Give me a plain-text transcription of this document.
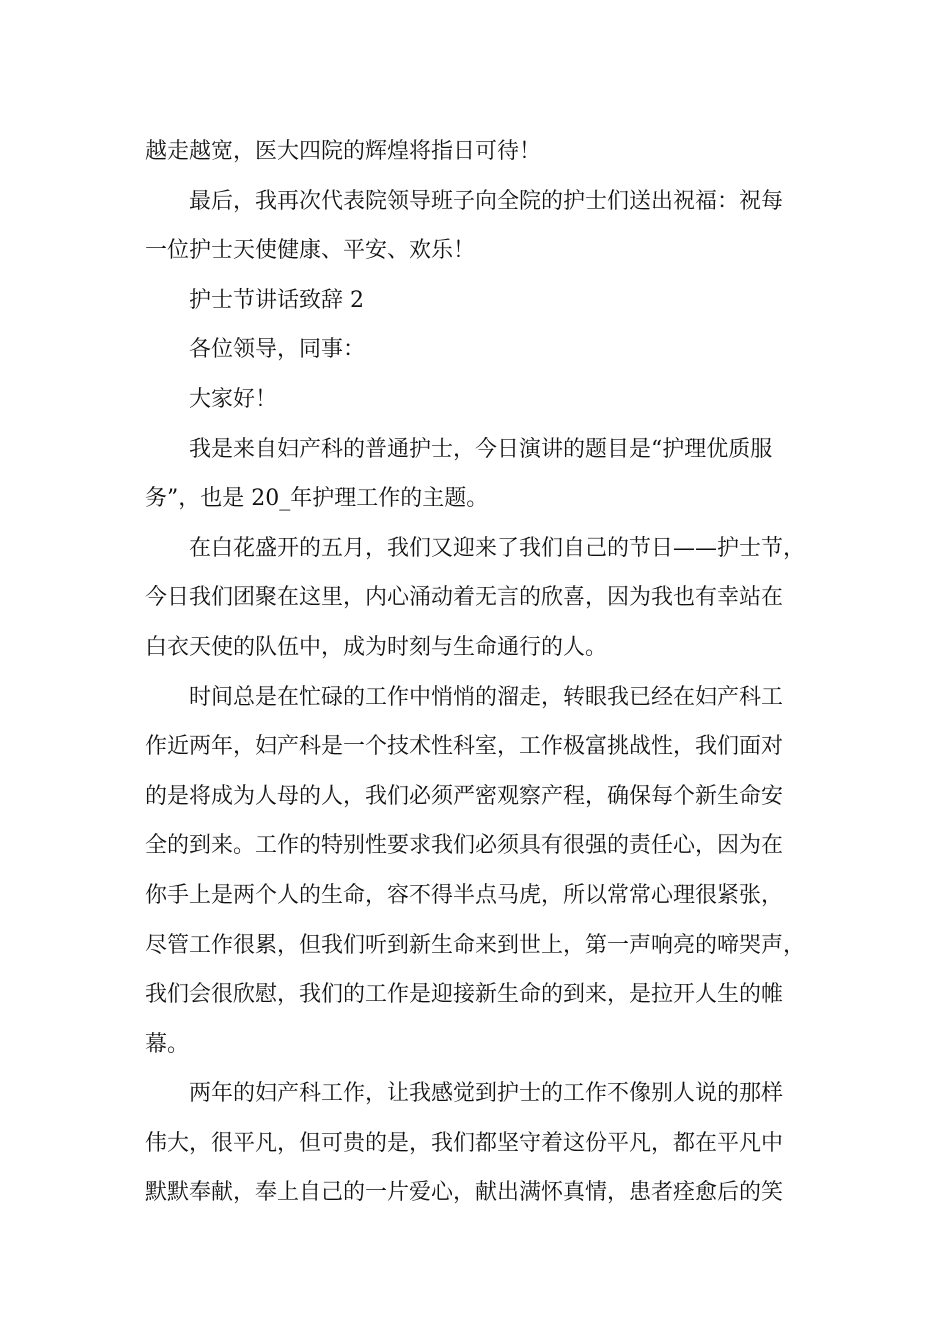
越走越宽，医大四院的辉煌将指日可待！
最后，我再次代表院领导班子向全院的护士们送出祝福：祝每
一位护士天使健康、平安、欢乐！
护士节讲话致辞 2
各位领导，同事：
大家好！
我是来自妇产科的普通护士，今日演讲的题目是“护理优质服
务”，也是 20_年护理工作的主题。
在白花盛开的五月，我们又迎来了我们自己的节日——护士节，
今日我们团聚在这里，内心涌动着无言的欣喜，因为我也有幸站在
白衣天使的队伍中，成为时刻与生命通行的人。
时间总是在忙碌的工作中悄悄的溜走，转眼我已经在妇产科工
作近两年，妇产科是一个技术性科室，工作极富挑战性，我们面对
的是将成为人母的人，我们必须严密观察产程，确保每个新生命安
全的到来。工作的特别性要求我们必须具有很强的责任心，因为在
你手上是两个人的生命，容不得半点马虎，所以常常心理很紧张，
尽管工作很累，但我们听到新生命来到世上，第一声响亮的啼哭声，
我们会很欣慰，我们的工作是迎接新生命的到来，是拉开人生的帷
幕。
两年的妇产科工作，让我感觉到护士的工作不像别人说的那样
伟大，很平凡，但可贵的是，我们都坚守着这份平凡，都在平凡中
默默奉献，奉上自己的一片爱心，献出满怀真情，患者痊愈后的笑
